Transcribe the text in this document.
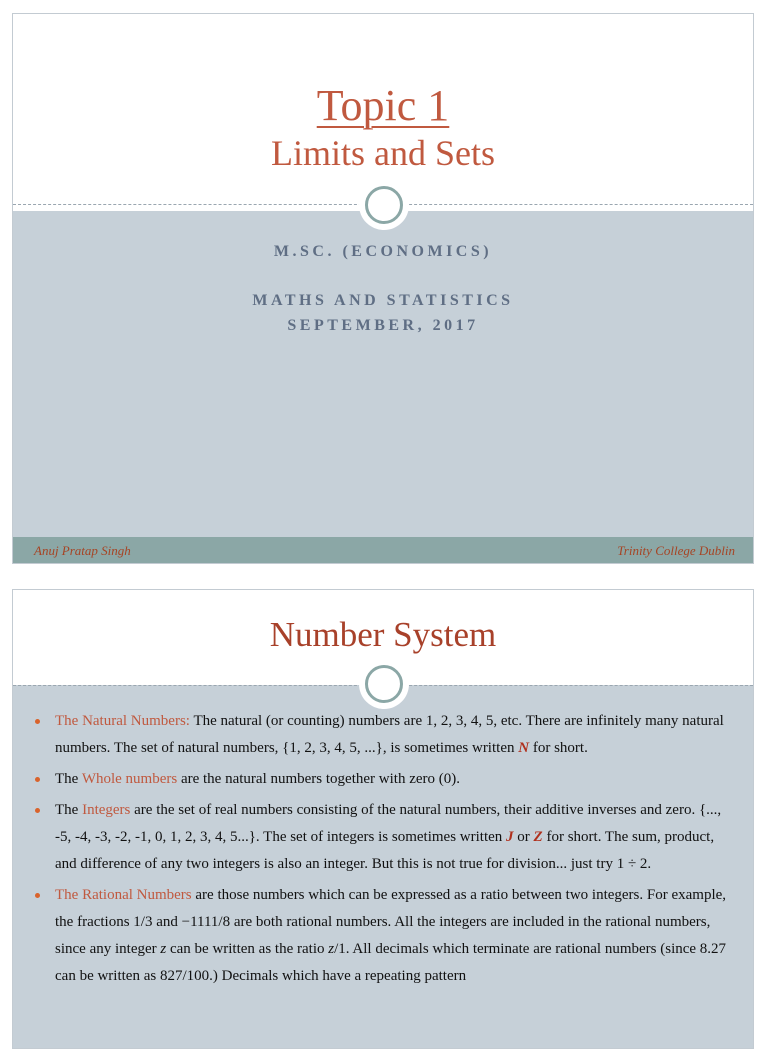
Topic 1
Limits and Sets
M.SC. (ECONOMICS)
MATHS AND STATISTICS
SEPTEMBER, 2017
Anuj Pratap Singh	Trinity College Dublin
Number System
The Natural Numbers: The natural (or counting) numbers are 1, 2, 3, 4, 5, etc. There are infinitely many natural numbers. The set of natural numbers, {1, 2, 3, 4, 5, ...}, is sometimes written N for short.
The Whole numbers are the natural numbers together with zero (0).
The Integers are the set of real numbers consisting of the natural numbers, their additive inverses and zero. {..., -5, -4, -3, -2, -1, 0, 1, 2, 3, 4, 5...}. The set of integers is sometimes written J or Z for short. The sum, product, and difference of any two integers is also an integer. But this is not true for division... just try 1 ÷ 2.
The Rational Numbers are those numbers which can be expressed as a ratio between two integers. For example, the fractions 1/3 and −1111/8 are both rational numbers. All the integers are included in the rational numbers, since any integer z can be written as the ratio z/1. All decimals which terminate are rational numbers (since 8.27 can be written as 827/100.) Decimals which have a repeating pattern
